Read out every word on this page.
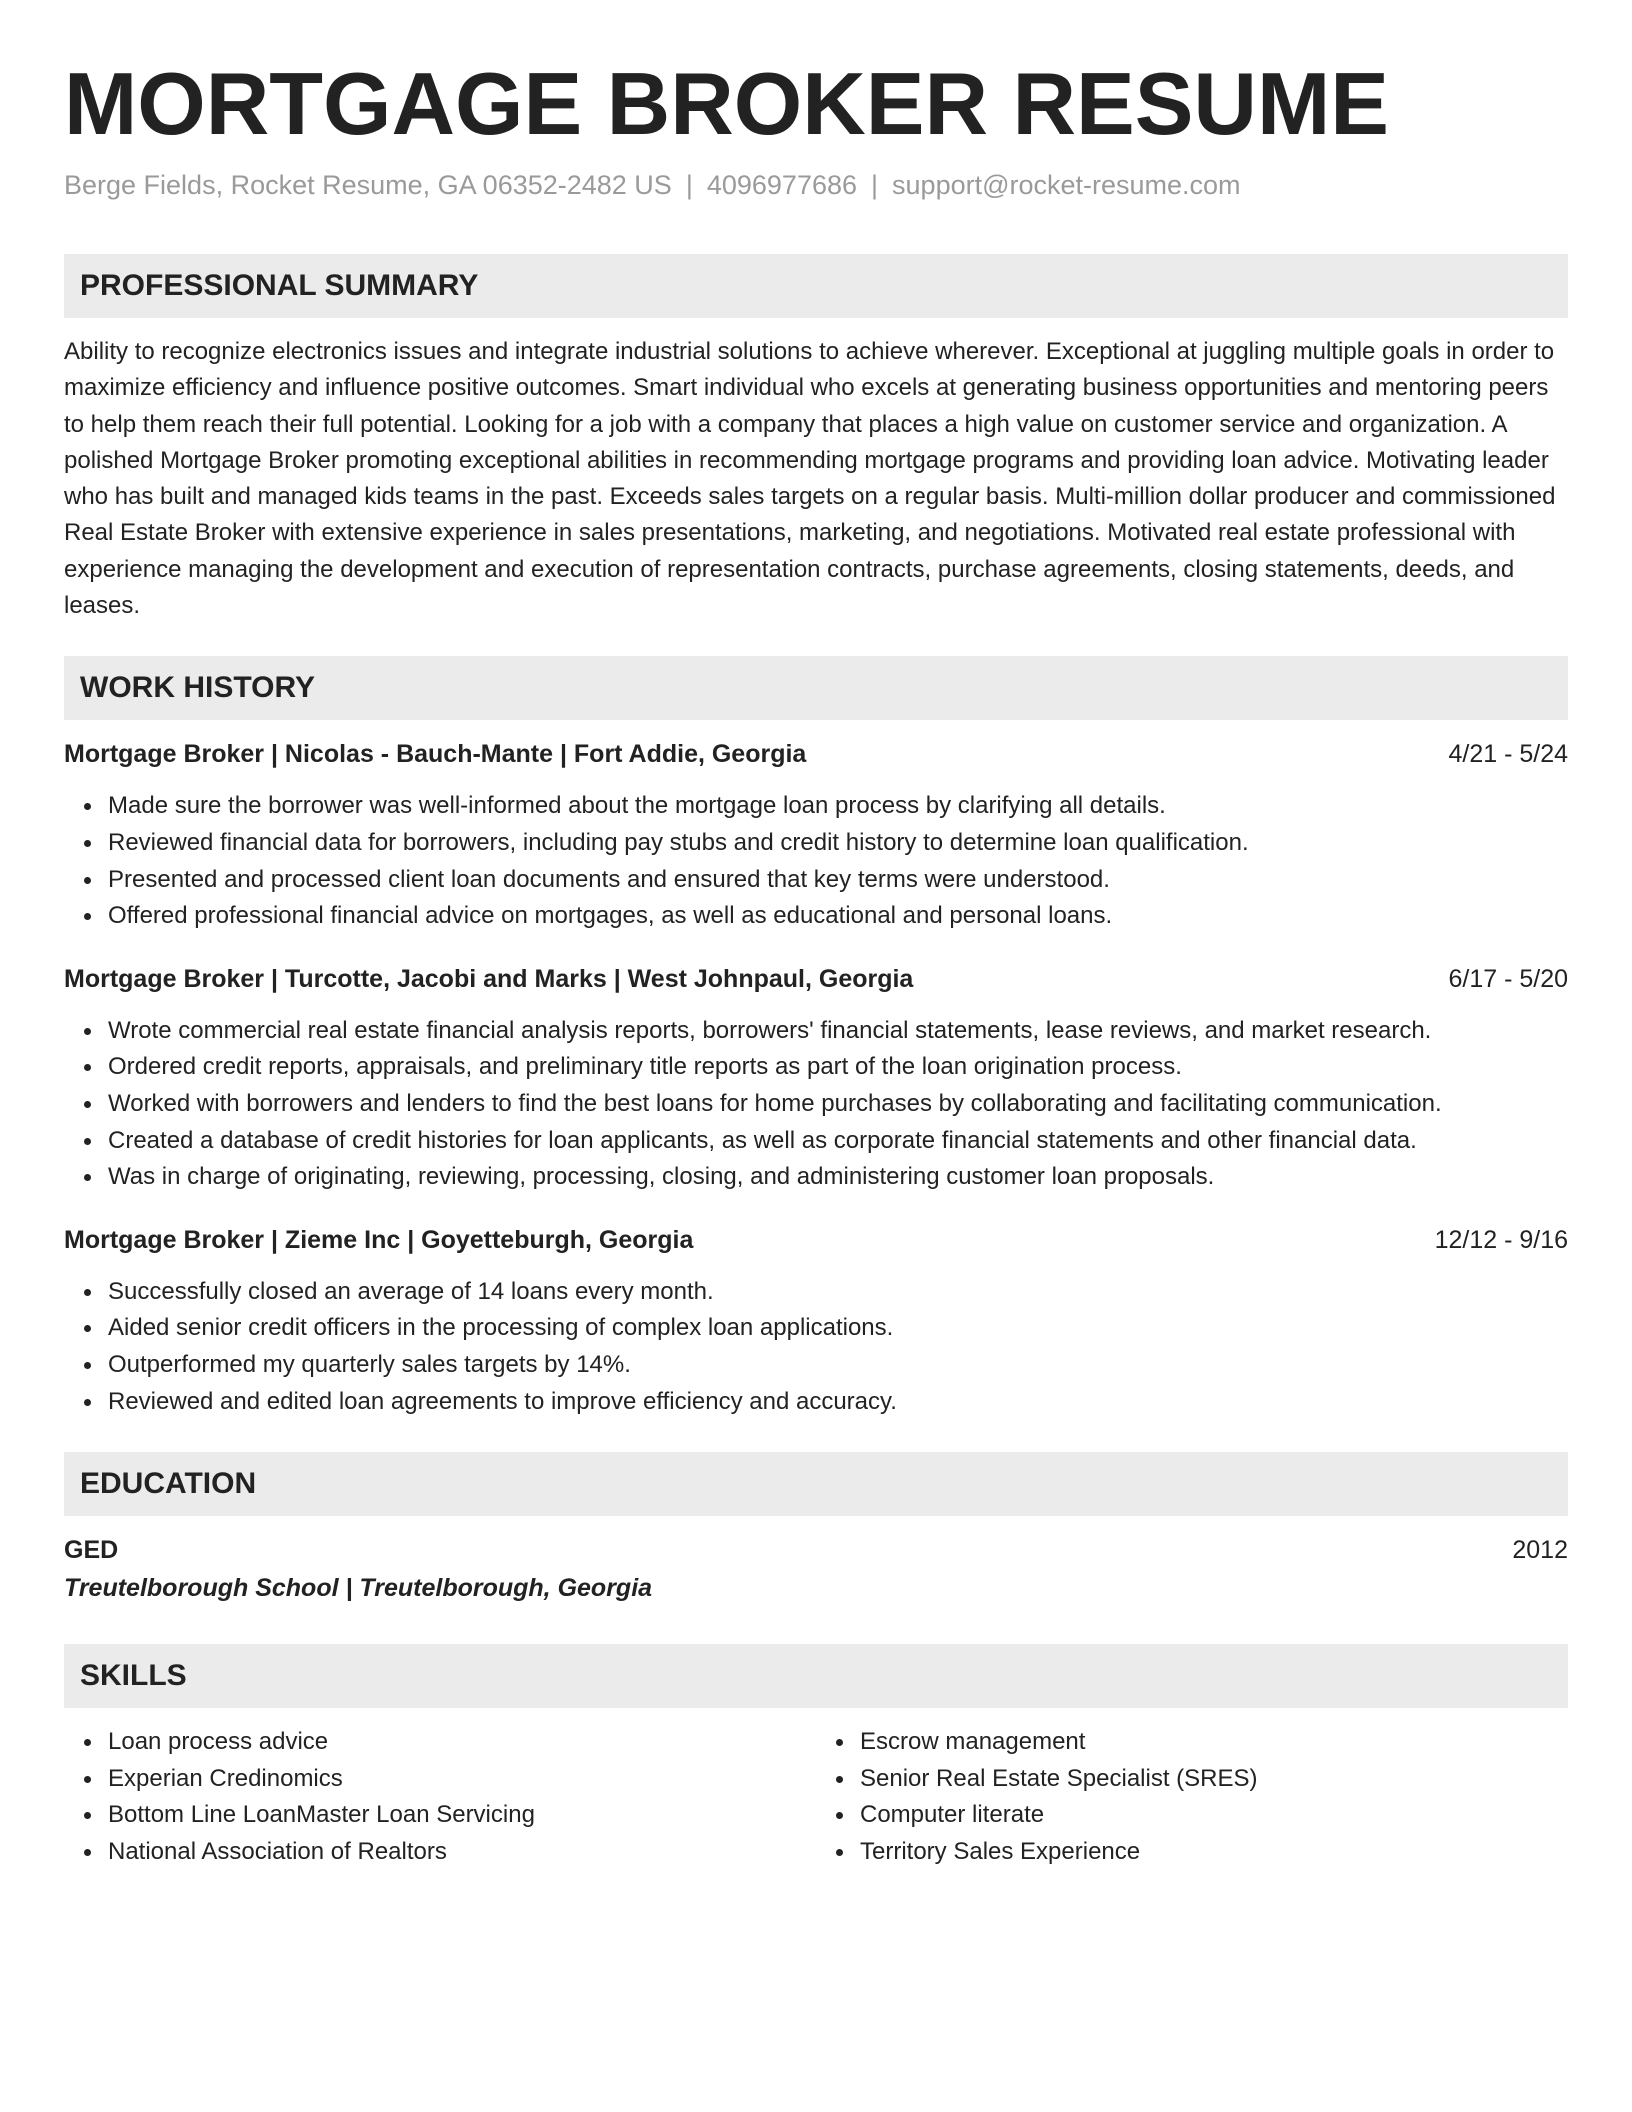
MORTGAGE BROKER RESUME
Berge Fields, Rocket Resume, GA 06352-2482 US | 4096977686 | support@rocket-resume.com
PROFESSIONAL SUMMARY
Ability to recognize electronics issues and integrate industrial solutions to achieve wherever. Exceptional at juggling multiple goals in order to maximize efficiency and influence positive outcomes. Smart individual who excels at generating business opportunities and mentoring peers to help them reach their full potential. Looking for a job with a company that places a high value on customer service and organization. A polished Mortgage Broker promoting exceptional abilities in recommending mortgage programs and providing loan advice. Motivating leader who has built and managed kids teams in the past. Exceeds sales targets on a regular basis. Multi-million dollar producer and commissioned Real Estate Broker with extensive experience in sales presentations, marketing, and negotiations. Motivated real estate professional with experience managing the development and execution of representation contracts, purchase agreements, closing statements, deeds, and leases.
WORK HISTORY
Mortgage Broker | Nicolas - Bauch-Mante | Fort Addie, Georgia	4/21 - 5/24
Made sure the borrower was well-informed about the mortgage loan process by clarifying all details.
Reviewed financial data for borrowers, including pay stubs and credit history to determine loan qualification.
Presented and processed client loan documents and ensured that key terms were understood.
Offered professional financial advice on mortgages, as well as educational and personal loans.
Mortgage Broker | Turcotte, Jacobi and Marks | West Johnpaul, Georgia	6/17 - 5/20
Wrote commercial real estate financial analysis reports, borrowers' financial statements, lease reviews, and market research.
Ordered credit reports, appraisals, and preliminary title reports as part of the loan origination process.
Worked with borrowers and lenders to find the best loans for home purchases by collaborating and facilitating communication.
Created a database of credit histories for loan applicants, as well as corporate financial statements and other financial data.
Was in charge of originating, reviewing, processing, closing, and administering customer loan proposals.
Mortgage Broker | Zieme Inc | Goyetteburgh, Georgia	12/12 - 9/16
Successfully closed an average of 14 loans every month.
Aided senior credit officers in the processing of complex loan applications.
Outperformed my quarterly sales targets by 14%.
Reviewed and edited loan agreements to improve efficiency and accuracy.
EDUCATION
GED	2012
Treutelborough School | Treutelborough, Georgia
SKILLS
Loan process advice
Experian Credinomics
Bottom Line LoanMaster Loan Servicing
National Association of Realtors
Escrow management
Senior Real Estate Specialist (SRES)
Computer literate
Territory Sales Experience
